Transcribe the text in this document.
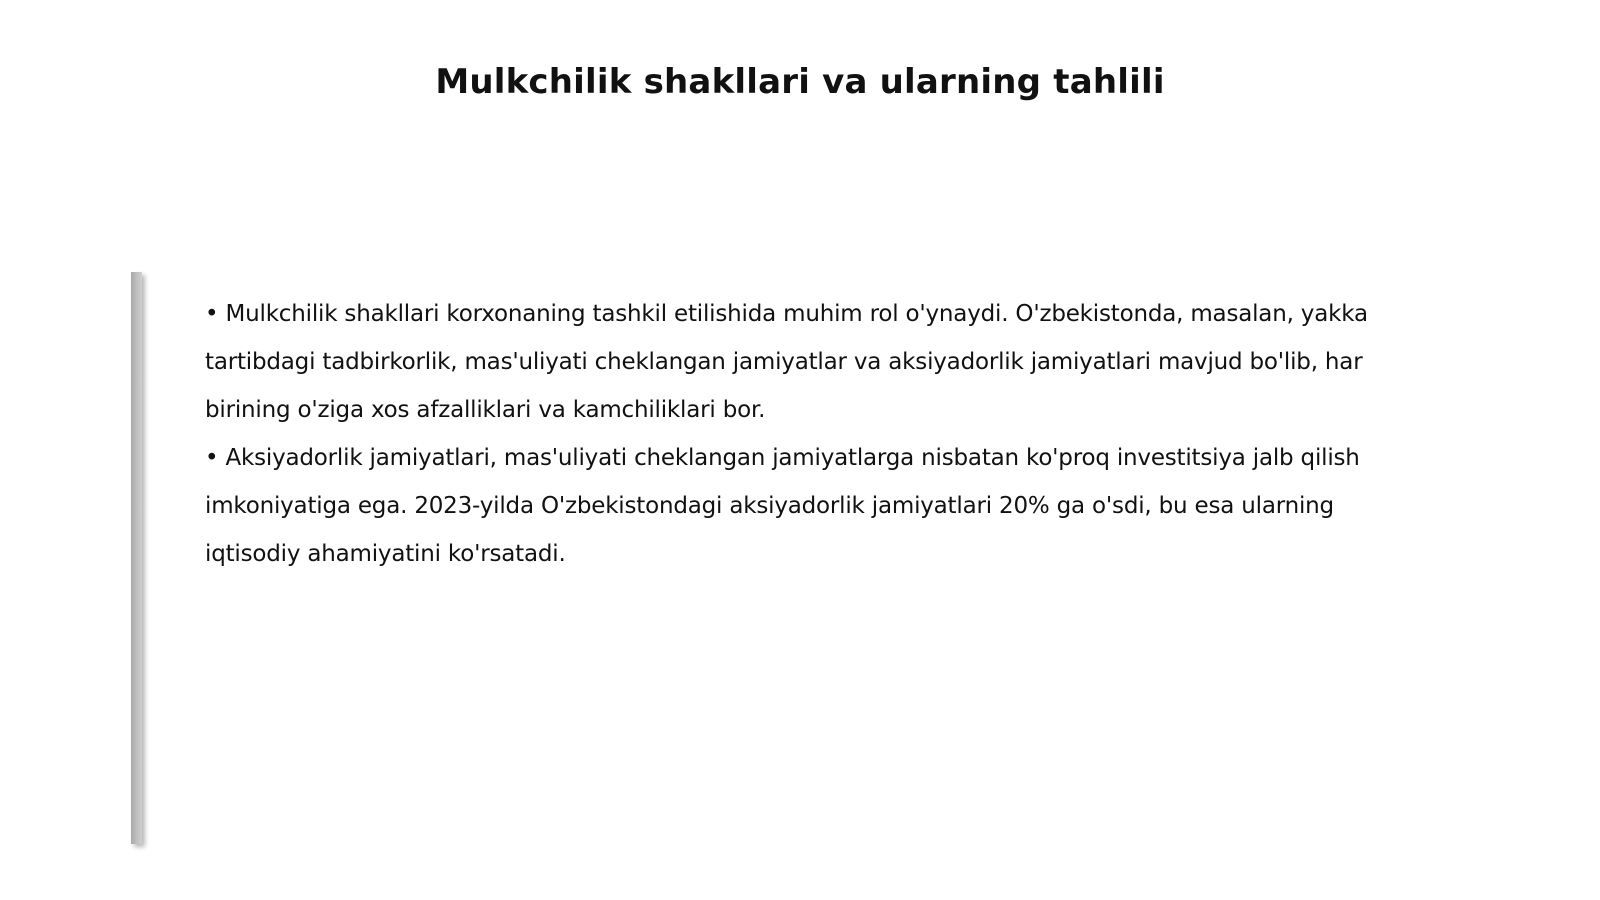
Mulkchilik shakllari va ularning tahlili

• Mulkchilik shakllari korxonaning tashkil etilishida muhim rol o'ynaydi. O'zbekistonda, masalan, yakka tartibdagi tadbirkorlik, mas'uliyati cheklangan jamiyatlar va aksiyadorlik jamiyatlari mavjud bo'lib, har birining o'ziga xos afzalliklari va kamchiliklari bor.

• Aksiyadorlik jamiyatlari, mas'uliyati cheklangan jamiyatlarga nisbatan ko'proq investitsiya jalb qilish imkoniyatiga ega. 2023-yilda O'zbekistondagi aksiyadorlik jamiyatlari 20% ga o'sdi, bu esa ularning iqtisodiy ahamiyatini ko'rsatadi.
